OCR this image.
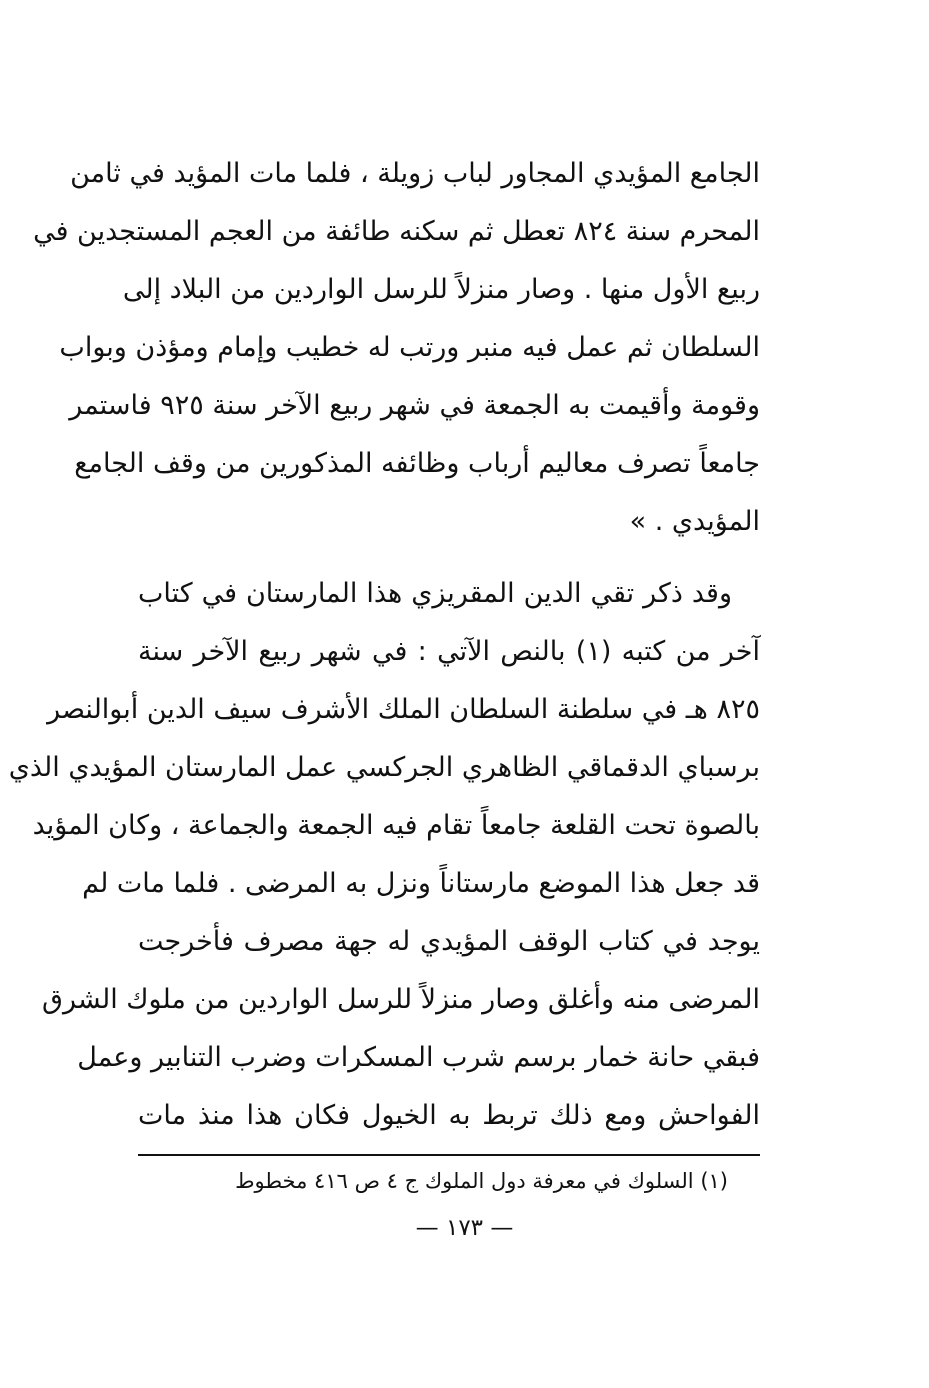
الجامع المؤيدي المجاور لباب زويلة ، فلما مات المؤيد في ثامن
المحرم سنة ٨٢٤ تعطل ثم سكنه طائفة من العجم المستجدين في
ربيع الأول منها . وصار منزلاً للرسل الواردين من البلاد إلى
السلطان ثم عمل فيه منبر ورتب له خطيب وإمام ومؤذن وبواب
وقومة وأقيمت به الجمعة في شهر ربيع الآخر سنة ٩٢٥ فاستمر
جامعاً تصرف معاليم أرباب وظائفه المذكورين من وقف الجامع
المؤيدي . »
وقد ذكر تقي الدين المقريزي هذا المارستان في كتاب
آخر من كتبه (١) بالنص الآتي : في شهر ربيع الآخر سنة
٨٢٥ هـ في سلطنة السلطان الملك الأشرف سيف الدين أبوالنصر
برسباي الدقماقي الظاهري الجركسي عمل المارستان المؤيدي الذي
بالصوة تحت القلعة جامعاً تقام فيه الجمعة والجماعة ، وكان المؤيد
قد جعل هذا الموضع مارستاناً ونزل به المرضى . فلما مات لم
يوجد في كتاب الوقف المؤيدي له جهة مصرف فأخرجت
المرضى منه وأغلق وصار منزلاً للرسل الواردين من ملوك الشرق
فبقي حانة خمار برسم شرب المسكرات وضرب التنابير وعمل
الفواحش ومع ذلك تربط به الخيول فكان هذا منذ مات
(١) السلوك في معرفة دول الملوك ج ٤ ص ٤١٦ مخطوط
— ١٧٣ —
